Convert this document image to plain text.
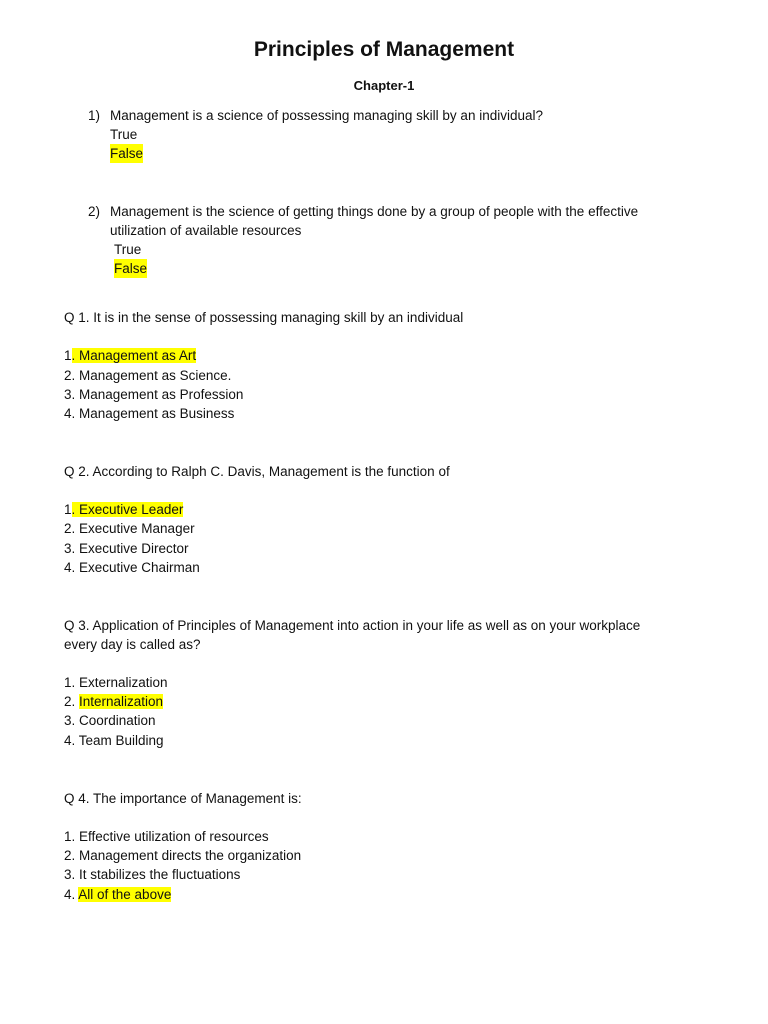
Principles of Management
Chapter-1
1) Management is a science of possessing managing skill by an individual?
True
False
2) Management is the science of getting things done by a group of people with the effective
utilization of available resources
True
False
Q 1. It is in the sense of possessing managing skill by an individual
1. Management as Art
2. Management as Science.
3. Management as Profession
4. Management as Business
Q 2. According to Ralph C. Davis, Management is the function of
1. Executive Leader
2. Executive Manager
3. Executive Director
4. Executive Chairman
Q 3. Application of Principles of Management into action in your life as well as on your workplace
every day is called as?
1. Externalization
2. Internalization
3. Coordination
4. Team Building
Q 4. The importance of Management is:
1. Effective utilization of resources
2. Management directs the organization
3. It stabilizes the fluctuations
4. All of the above
